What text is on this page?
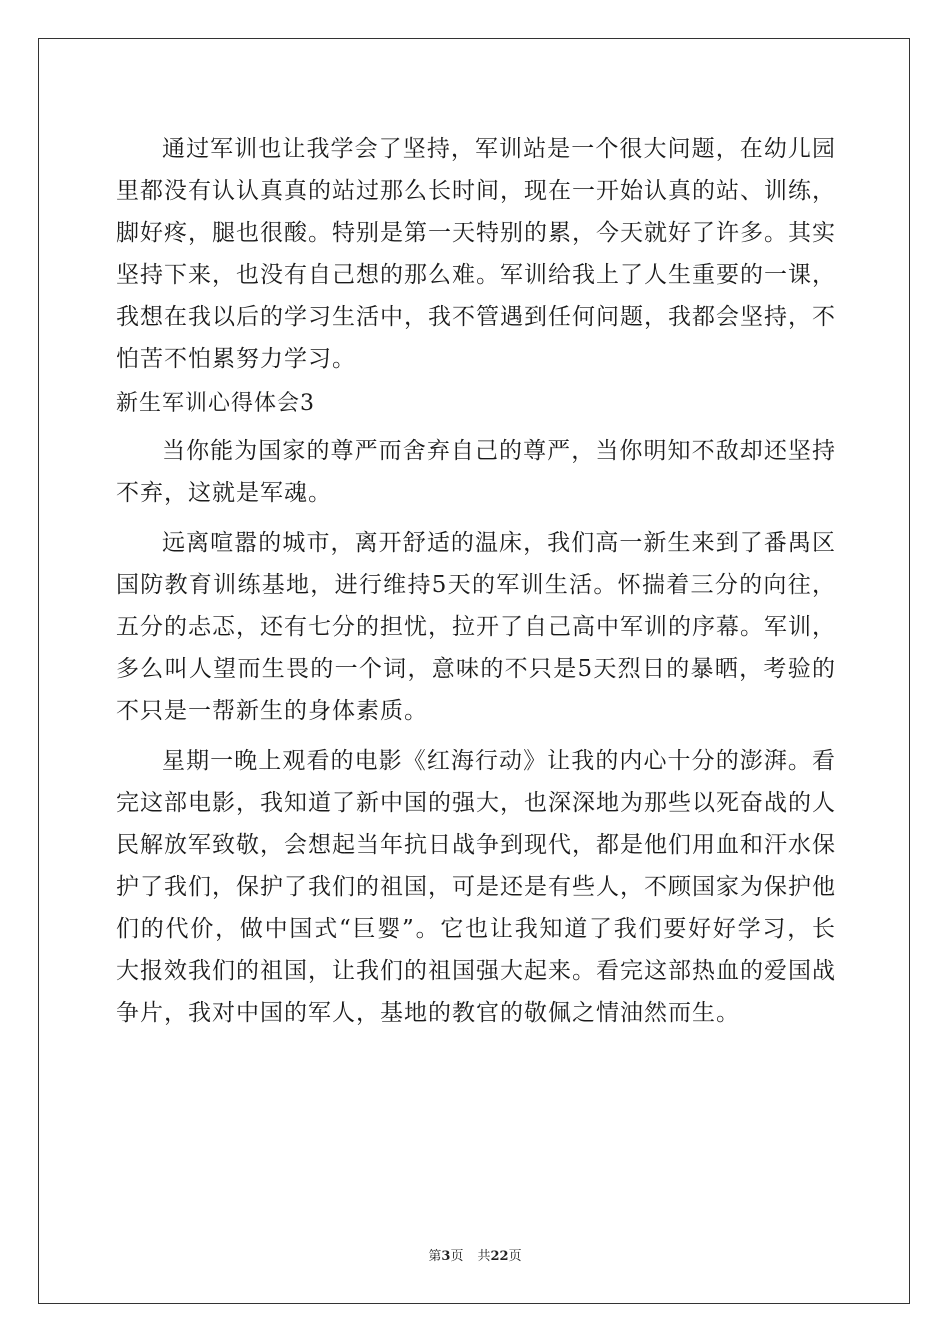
通过军训也让我学会了坚持，军训站是一个很大问题，在幼儿园里都没有认认真真的站过那么长时间，现在一开始认真的站、训练，脚好疼，腿也很酸。特别是第一天特别的累，今天就好了许多。其实坚持下来，也没有自己想的那么难。军训给我上了人生重要的一课，我想在我以后的学习生活中，我不管遇到任何问题，我都会坚持，不怕苦不怕累努力学习。

新生军训心得体会3

当你能为国家的尊严而舍弃自己的尊严，当你明知不敌却还坚持不弃，这就是军魂。

远离喧嚣的城市，离开舒适的温床，我们高一新生来到了番禺区国防教育训练基地，进行维持5天的军训生活。怀揣着三分的向往，五分的忐忑，还有七分的担忧，拉开了自己高中军训的序幕。军训，多么叫人望而生畏的一个词，意味的不只是5天烈日的暴晒，考验的不只是一帮新生的身体素质。

星期一晚上观看的电影《红海行动》让我的内心十分的澎湃。看完这部电影，我知道了新中国的强大，也深深地为那些以死奋战的人民解放军致敬，会想起当年抗日战争到现代，都是他们用血和汗水保护了我们，保护了我们的祖国，可是还是有些人，不顾国家为保护他们的代价，做中国式“巨婴”。它也让我知道了我们要好好学习，长大报效我们的祖国，让我们的祖国强大起来。看完这部热血的爱国战争片，我对中国的军人，基地的教官的敬佩之情油然而生。

第3页 共22页
